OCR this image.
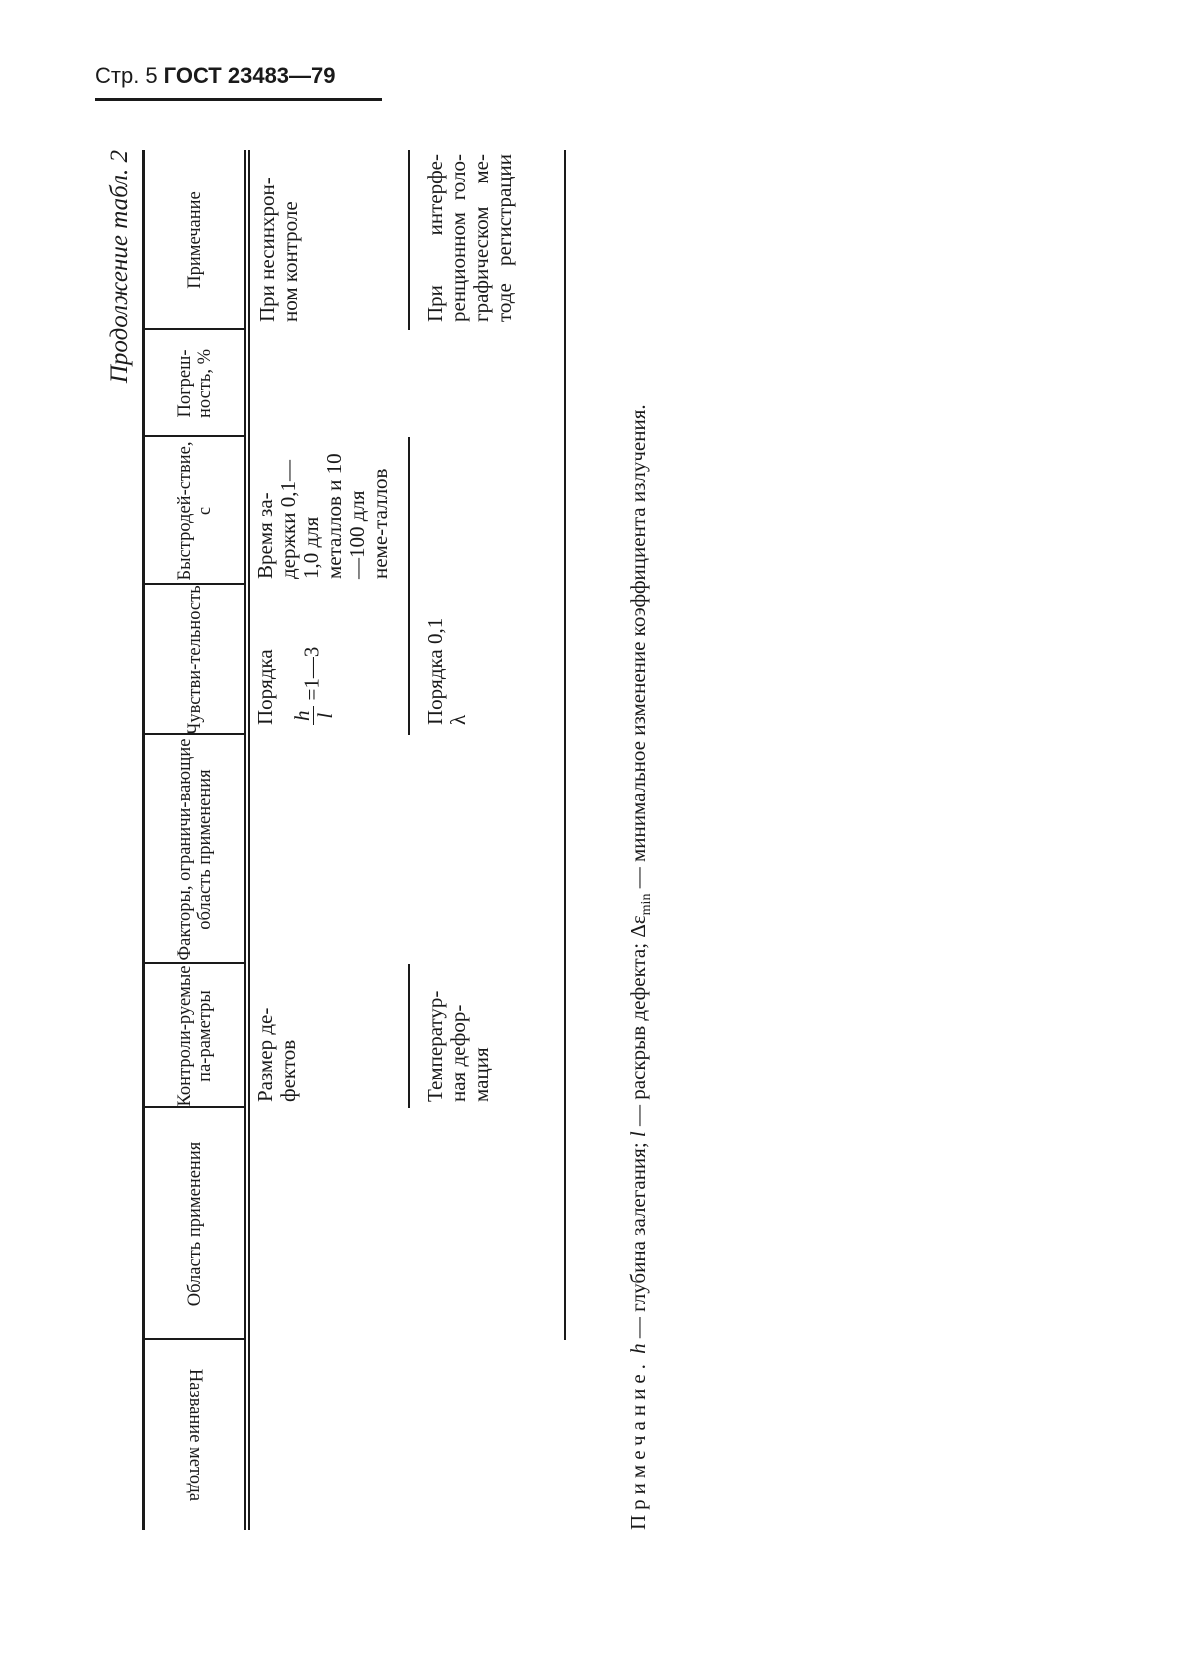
Стр. 5 ГОСТ 23483—79
Продолжение табл. 2
Название метода
Область применения
Контроли-руемые па-раметры
Факторы, ограничи-вающие область применения
Чувстви-тельность
Быстродей-ствие, с
Погреш-ность, %
Примечание
Размер де-фектов
Порядка h l
=1—3
Время за-держки 0,1—1,0 для металлов и 10—100 для неме-таллов
При несинхрон-ном контроле
Температур-ная дефор-мация
Порядка 0,1 λ
При интерфе-ренционном голо-графическом ме-тоде регистрации
Примечание. h — глубина залегания; l — раскрыв дефекта; $\Delta\varepsilon_{min}$ — минимальное изменение коэффициента излучения.
